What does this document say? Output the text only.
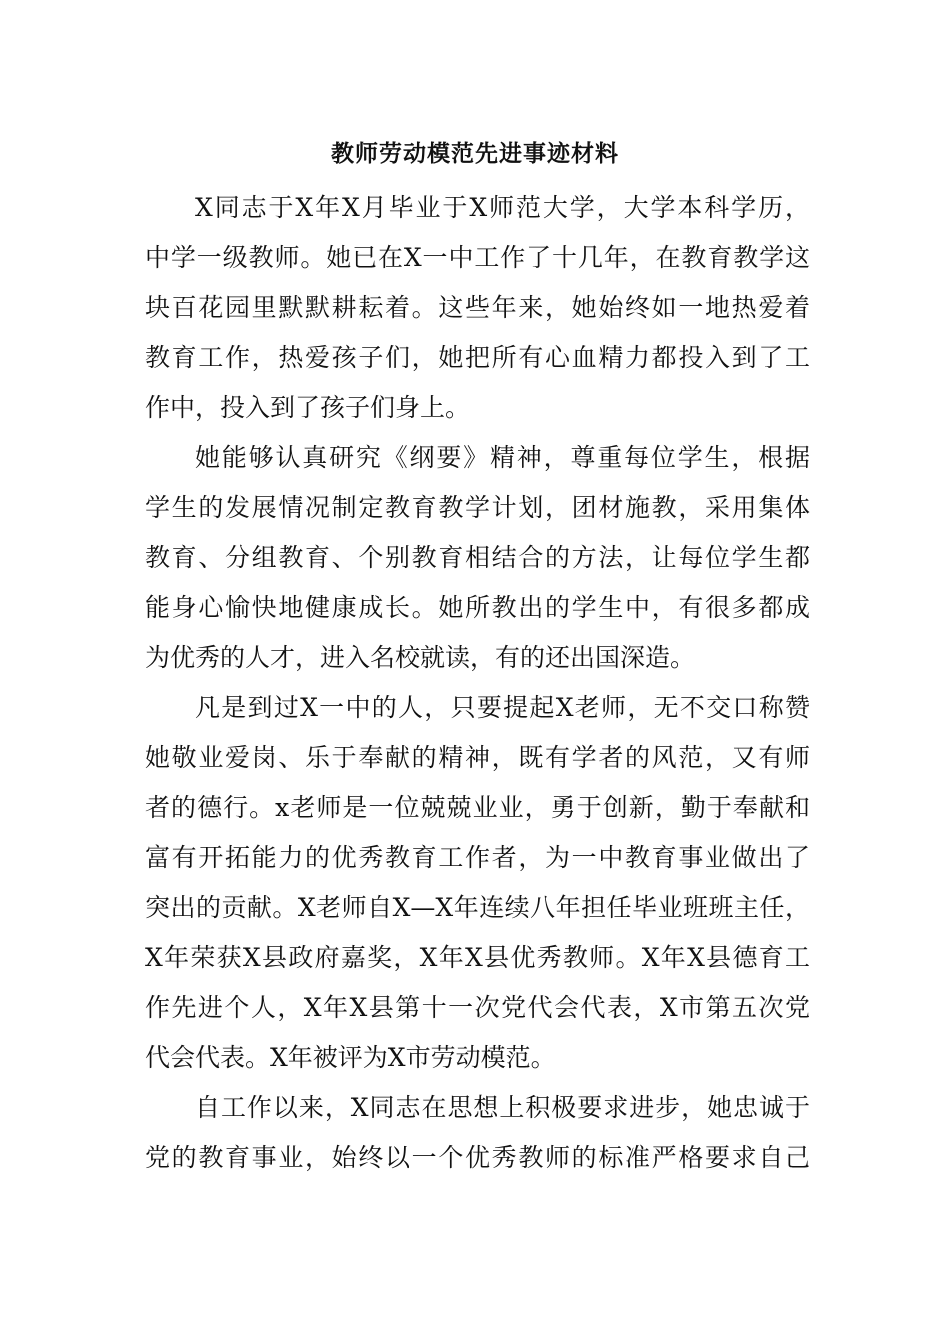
教师劳动模范先进事迹材料
X同志于X年X月毕业于X师范大学，大学本科学历，
中学一级教师。她已在X一中工作了十几年，在教育教学这
块百花园里默默耕耘着。这些年来，她始终如一地热爱着
教育工作，热爱孩子们，她把所有心血精力都投入到了工
作中，投入到了孩子们身上。
她能够认真研究《纲要》精神，尊重每位学生，根据
学生的发展情况制定教育教学计划，团材施教，采用集体
教育、分组教育、个别教育相结合的方法，让每位学生都
能身心愉快地健康成长。她所教出的学生中，有很多都成
为优秀的人才，进入名校就读，有的还出国深造。
凡是到过X一中的人，只要提起X老师，无不交口称赞
她敬业爱岗、乐于奉献的精神，既有学者的风范，又有师
者的德行。x老师是一位兢兢业业，勇于创新，勤于奉献和
富有开拓能力的优秀教育工作者，为一中教育事业做出了
突出的贡献。X老师自X—X年连续八年担任毕业班班主任，
X年荣获X县政府嘉奖，X年X县优秀教师。X年X县德育工
作先进个人，X年X县第十一次党代会代表，X市第五次党
代会代表。X年被评为X市劳动模范。
自工作以来，X同志在思想上积极要求进步，她忠诚于
党的教育事业，始终以一个优秀教师的标准严格要求自己
